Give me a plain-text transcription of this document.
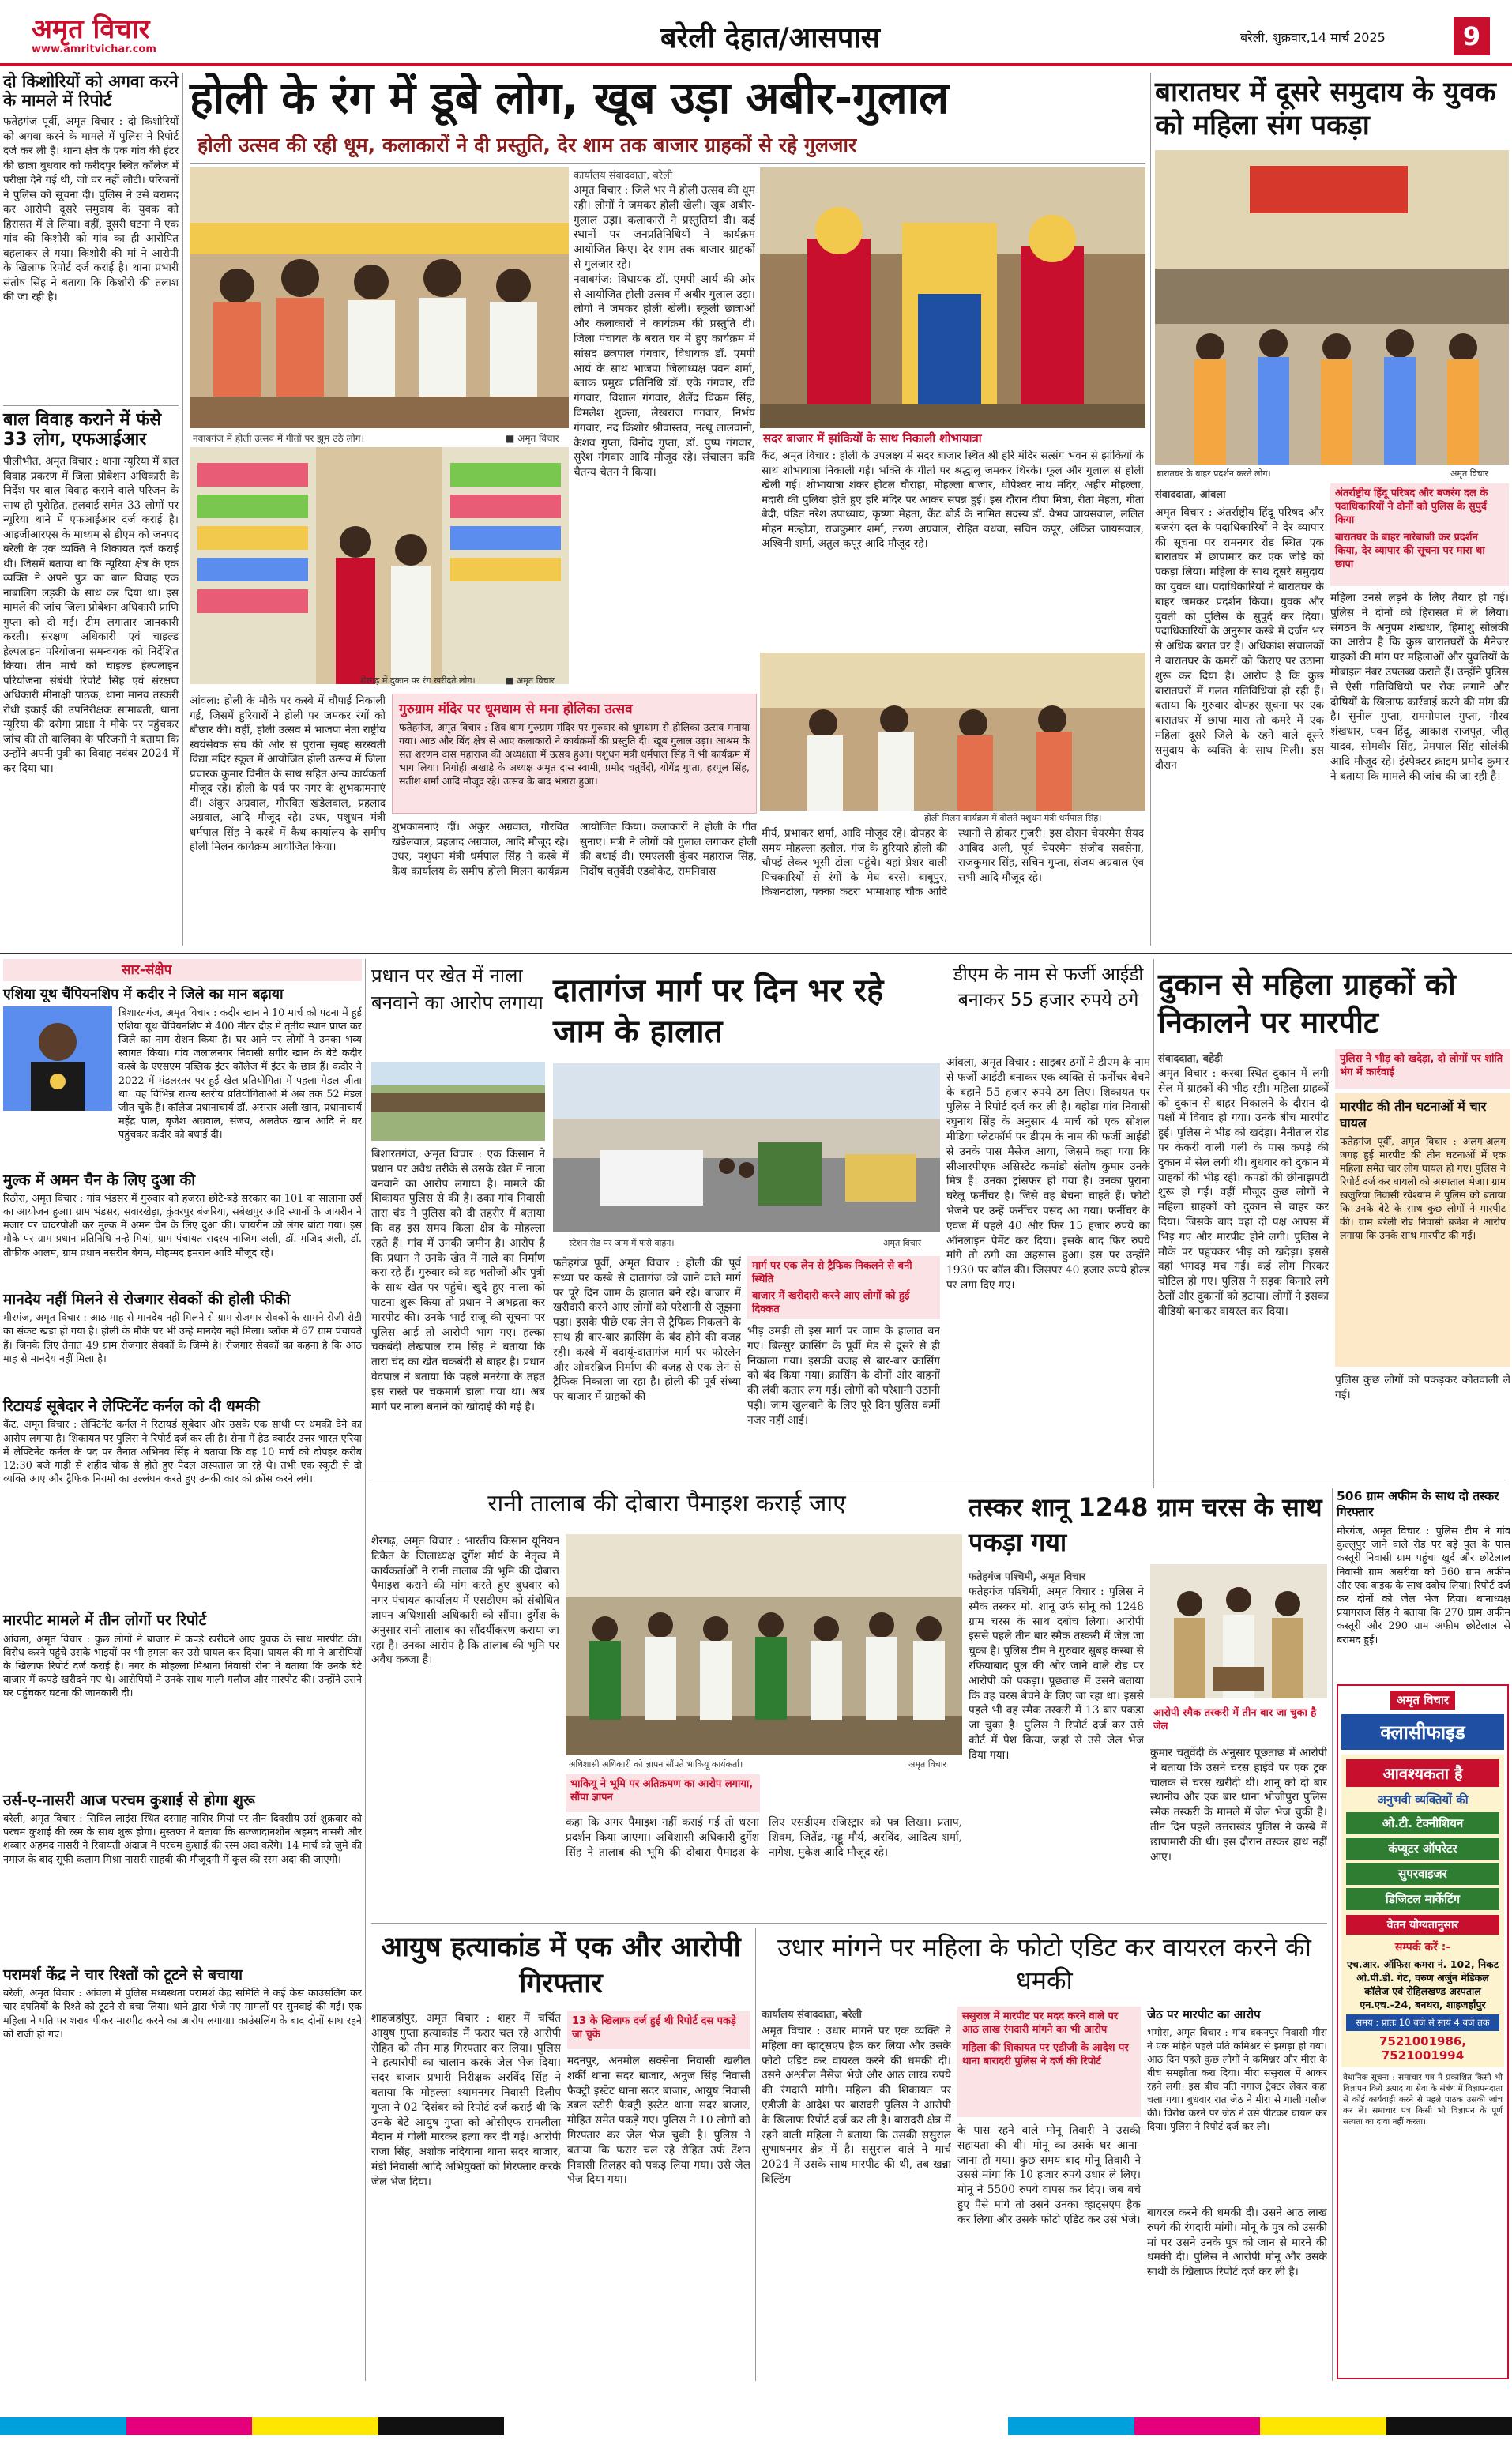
अमृत विचार
www.amritvichar.com	बरेली देहात/आसपास	बरेली, शुक्रवार,14 मार्च 2025	9
दो किशोरियों को अगवा करने के मामले में रिपोर्ट
फतेहगंज पूर्वी, अमृत विचार : दो किशोरियों को अगवा करने के मामले में पुलिस ने रिपोर्ट दर्ज कर ली है। थाना क्षेत्र के एक गांव की इंटर की छात्रा बुधवार को फरीदपुर स्थित कॉलेज में परीक्षा देने गई थी, जो घर नहीं लौटी। परिजनों ने पुलिस को सूचना दी। पुलिस ने उसे बरामद कर आरोपी दूसरे समुदाय के युवक को हिरासत में ले लिया। वहीं, दूसरी घटना में एक गांव की किशोरी को गांव का ही आरोपित बहलाकर ले गया। किशोरी की मां ने आरोपी के खिलाफ रिपोर्ट दर्ज कराई है। थाना प्रभारी संतोष सिंह ने बताया कि किशोरी की तलाश की जा रही है।
बाल विवाह कराने में फंसे 33 लोग, एफआईआर
पीलीभीत, अमृत विचार : थाना न्यूरिया में बाल विवाह प्रकरण में जिला प्रोबेशन अधिकारी के निर्देश पर बाल विवाह कराने वाले परिजन के साथ ही पुरोहित, हलवाई समेत 33 लोगों पर न्यूरिया थाने में एफआईआर दर्ज कराई है। आइजीआरएस के माध्यम से डीएम को जनपद बरेली के एक व्यक्ति ने शिकायत दर्ज कराई थी। जिसमें बताया था कि न्यूरिया क्षेत्र के एक व्यक्ति ने अपने पुत्र का बाल विवाह एक नाबालिग लड़की के साथ कर दिया था। इस मामले की जांच जिला प्रोबेशन अधिकारी प्राणि गुप्ता को दी गई। टीम लगातार जानकारी करती। संरक्षण अधिकारी एवं चाइल्ड हेल्पलाइन परियोजना समन्वयक को निर्देशित किया। तीन मार्च को चाइल्ड हेल्पलाइन परियोजना संबंधी रिपोर्ट सिंह एवं संरक्षण अधिकारी मीनाक्षी पाठक, थाना मानव तस्करी रोधी इकाई की उपनिरीक्षक सामाबती, थाना न्यूरिया की दरोगा प्राक्षा ने मौके पर पहुंचकर जांच की तो बालिका के परिजनों ने बताया कि उन्होंने अपनी पुत्री का विवाह नवंबर 2024 में कर दिया था।
होली के रंग में डूबे लोग, खूब उड़ा अबीर-गुलाल
होली उत्सव की रही धूम, कलाकारों ने दी प्रस्तुति, देर शाम तक बाजार ग्राहकों से रहे गुलजार
नवाबगंज में होली उत्सव में गीतों पर झूम उठे लोग।	■ अमृत विचार	सदर बाजार में झांकियों के साथ निकाली शोभायात्रा
कैंट, अमृत विचार : होली के उपलक्ष्य में सदर बाजार स्थित श्री हरि मंदिर सत्संग भवन से झांकियों के साथ शोभायात्रा निकाली गई। भक्ति के गीतों पर श्रद्धालु जमकर थिरके। फूल और गुलाल से होली खेली गई। शोभायात्रा शंकर होटल चौराहा, मोहल्ला बाजार, धोपेश्वर नाथ मंदिर, अहीर मोहल्ला, मदारी की पुलिया होते हुए हरि मंदिर पर आकर संपन्न हुई। इस दौरान दीपा मित्रा, रीता मेहता, गीता बेदी, पंडित नरेश उपाध्याय, कृष्णा मेहता, कैंट बोर्ड के नामित सदस्य डॉ. वैभव जायसवाल, ललित मोहन मल्होत्रा, राजकुमार शर्मा, तरुण अग्रवाल, रोहित वधवा, सचिन कपूर, अंकित जायसवाल, अश्विनी शर्मा, अतुल कपूर आदि मौजूद रहे।
कार्यालय संवाददाता, बरेली
अमृत विचार : जिले भर में होली उत्सव की धूम रही। लोगों ने जमकर होली खेली। खूब अबीर-गुलाल उड़ा। कलाकारों ने प्रस्तुतियां दी। कई स्थानों पर जनप्रतिनिधियों ने कार्यक्रम आयोजित किए। देर शाम तक बाजार ग्राहकों से गुलजार रहे।
नवाबगंज: विधायक डॉ. एमपी आर्य की ओर से आयोजित होली उत्सव में अबीर गुलाल उड़ा। लोगों ने जमकर होली खेली। स्कूली छात्राओं और कलाकारों ने कार्यक्रम की प्रस्तुति दी। जिला पंचायत के बरात घर में हुए कार्यक्रम में सांसद छत्रपाल गंगवार, विधायक डॉ. एमपी आर्य के साथ भाजपा जिलाध्यक्ष पवन शर्मा, ब्लाक प्रमुख प्रतिनिधि डॉ. एके गंगवार, रवि गंगवार, विशाल गंगवार, शैलेंद्र विक्रम सिंह, विमलेश शुक्ला, लेखराज गंगवार, निर्भय गंगवार, नंद किशोर श्रीवास्तव, नत्थू लालवानी, केशव गुप्ता, विनोद गुप्ता, डॉ. पुष्प गंगवार, सुरेश गंगवार आदि मौजूद रहे। संचालन कवि चैतन्य चेतन ने किया।
शेरगढ़ में दुकान पर रंग खरीदते लोग।	■ अमृत विचार
होली मिलन कार्यक्रम में बोलते पशुधन मंत्री धर्मपाल सिंह।
गुरुग्राम मंदिर पर धूमधाम से मना होलिका उत्सव
फतेहगंज, अमृत विचार : शिव धाम गुरुग्राम मंदिर पर गुरुवार को धूमधाम से होलिका उत्सव मनाया गया। आठ और बिंद क्षेत्र से आए कलाकारों ने कार्यक्रमों की प्रस्तुति दी। खूब गुलाल उड़ा। आश्रम के संत शरणम दास महाराज की अध्यक्षता में उत्सव हुआ। पशुधन मंत्री धर्मपाल सिंह ने भी कार्यक्रम में भाग लिया। निगोही अखाड़े के अध्यक्ष अमृत दास स्वामी, प्रमोद चतुर्वेदी, योगेंद्र गुप्ता, हरपूल सिंह, सतीश शर्मा आदि मौजूद रहे। उत्सव के बाद भंडारा हुआ।
आंवला: होली के मौके पर कस्बे में चौपाई निकाली गई, जिसमें हुरियारों ने होली पर जमकर रंगों को बौछार की। वहीं, होली उत्सव में भाजपा नेता राष्ट्रीय स्वयंसेवक संघ की ओर से पुराना सुबह सरस्वती विद्या मंदिर स्कूल में आयोजित होली उत्सव में जिला प्रचारक कुमार विनीत के साथ सहित अन्य कार्यकर्ता मौजूद रहे। होली के पर्व पर नगर के शुभकामनाएं दीं। अंकुर अग्रवाल, गौरवित खंडेलवाल, प्रहलाद अग्रवाल, आदि मौजूद रहे। उधर, पशुधन मंत्री धर्मपाल सिंह ने कस्बे में कैथ कार्यालय के समीप होली मिलन कार्यक्रम आयोजित किया।
शुभकामनाएं दीं। अंकुर अग्रवाल, गौरवित खंडेलवाल, प्रहलाद अग्रवाल, आदि मौजूद रहे। उधर, पशुधन मंत्री धर्मपाल सिंह ने कस्बे में कैथ कार्यालय के समीप होली मिलन कार्यक्रम आयोजित किया। कलाकारों ने होली के गीत सुनाए। मंत्री ने लोगों को गुलाल लगाकर होली की बधाई दी। एमएलसी कुंवर महाराज सिंह, निर्दोष चतुर्वेदी एडवोकेट, रामनिवास
मीर्य, प्रभाकर शर्मा, आदि मौजूद रहे। दोपहर के समय मोहल्ला हलौल, गंज के हुरियारे होली की चौपई लेकर भूसी टोला पहुंचे। यहां प्रेशर वाली पिचकारियों से रंगों के मेघ बरसे। बाबूपुर, किशनटोला, पक्का कटरा भामाशाह चौक आदि स्थानों से होकर गुजरी। इस दौरान चेयरमैन सैयद आबिद अली, पूर्व चेयरमैन संजीव सक्सेना, राजकुमार सिंह, सचिन गुप्ता, संजय अग्रवाल एंव सभी आदि मौजूद रहे।
बारातघर में दूसरे समुदाय के युवक को महिला संग पकड़ा
बारातघर के बाहर प्रदर्शन करते लोग।	अमृत विचार
संवाददाता, आंवला	अंतर्राष्ट्रीय हिंदू परिषद और बजरंग दल के पदाधिकारियों ने दोनों को पुलिस के सुपुर्द किया
बारातघर के बाहर नारेबाजी कर प्रदर्शन किया, देर व्यापार की सूचना पर मारा था छापा
अमृत विचार : अंतर्राष्ट्रीय हिंदू परिषद और बजरंग दल के पदाधिकारियों ने देर व्यापार की सूचना पर रामनगर रोड स्थित एक बारातघर में छापामार कर एक जोड़े को पकड़ा लिया। महिला के साथ दूसरे समुदाय का युवक था। पदाधिकारियों ने बारातघर के बाहर जमकर प्रदर्शन किया। युवक और युवती को पुलिस के सुपुर्द कर दिया। पदाधिकारियों के अनुसार कस्बे में दर्जन भर से अधिक बरात घर हैं। अधिकांश संचालकों ने बारातघर के कमरों को किराए पर उठाना शुरू कर दिया है। आरोप है कि कुछ बारातघरों में गलत गतिविधियां हो रही हैं। बताया कि गुरुवार दोपहर सूचना पर एक बारातघर में छापा मारा तो कमरे में एक महिला दूसरे जिले के रहने वाले दूसरे समुदाय के व्यक्ति के साथ मिली। इस दौरान
महिला उनसे लड़ने के लिए तैयार हो गई। पुलिस ने दोनों को हिरासत में ले लिया। संगठन के अनुपम शंखधार, हिमांशु सोलंकी का आरोप है कि कुछ बारातघरों के मैनेजर ग्राहकों की मांग पर महिलाओं और युवतियों के मोबाइल नंबर उपलब्ध कराते हैं। उन्होंने पुलिस से ऐसी गतिविधियों पर रोक लगाने और दोषियों के खिलाफ कार्रवाई करने की मांग की है। सुनील गुप्ता, रामगोपाल गुप्ता, गौरव शंखधार, पवन हिंदू, आकाश राजपूत, जीतू यादव, सोमवीर सिंह, प्रेमपाल सिंह सोलंकी आदि मौजूद रहे। इंस्पेक्टर क्राइम प्रमोद कुमार ने बताया कि मामले की जांच की जा रही है।
सार-संक्षेप
एशिया यूथ चैंपियनशिप में कदीर ने जिले का मान बढ़ाया
बिशारतगंज, अमृत विचार : कदीर खान ने 10 मार्च को पटना में हुई एशिया यूथ चैंपियनशिप में 400 मीटर दौड़ में तृतीय स्थान प्राप्त कर जिले का नाम रोशन किया है। घर आने पर लोगों ने उनका भव्य स्वागत किया। गांव जलालनगर निवासी सगीर खान के बेटे कदीर कस्बे के एएसएम पब्लिक इंटर कॉलेज में इंटर के छात्र हैं। कदीर ने 2022 में मंडलस्तर पर हुई खेल प्रतियोगिता में पहला मेडल जीता था। वह विभिन्न राज्य स्तरीय प्रतियोगिताओं में अब तक 52 मेडल जीत चुके हैं। कॉलेज प्रधानाचार्य डॉ. असरार अली खान, प्रधानाचार्य महेंद्र पाल, बृजेश अग्रवाल, संजय, अलतेफ खान आदि ने घर पहुंचकर कदीर को बधाई दी।
मुल्क में अमन चैन के लिए दुआ की
रिठौरा, अमृत विचार : गांव भंडसर में गुरुवार को हजरत छोटे-बड़े सरकार का 101 वां सालाना उर्स का आयोजन हुआ। ग्राम भंडसर, सवारखेड़ा, कुंवरपुर बंजरिया, सबेखपुर आदि स्थानों के जायरीन ने मजार पर चादरपोशी कर मुल्क में अमन चैन के लिए दुआ की। जायरीन को लंगर बांटा गया। इस मौके पर ग्राम प्रधान प्रतिनिधि नन्हे मियां, ग्राम पंचायत सदस्य नाजिम अली, डॉ. मजिद अली, डॉ. तौफीक आलम, ग्राम प्रधान नसरीन बेगम, मोहम्मद इमरान आदि मौजूद रहे।
मानदेय नहीं मिलने से रोजगार सेवकों की होली फीकी
मीरगंज, अमृत विचार : आठ माह से मानदेय नहीं मिलने से ग्राम रोजगार सेवकों के सामने रोजी-रोटी का संकट खड़ा हो गया है। होली के मौके पर भी उन्हें मानदेय नहीं मिला। ब्लॉक में 67 ग्राम पंचायतें हैं। जिनके लिए तैनात 49 ग्राम रोजगार सेवकों के जिम्मे है। रोजगार सेवकों का कहना है कि आठ माह से मानदेय नहीं मिला है।
रिटायर्ड सूबेदार ने लेफ्टिनेंट कर्नल को दी धमकी
कैंट, अमृत विचार : लेफ्टिनेंट कर्नल ने रिटायर्ड सूबेदार और उसके एक साथी पर धमकी देने का आरोप लगाया है। शिकायत पर पुलिस ने रिपोर्ट दर्ज कर ली है। सेना में हेड क्वार्टर उत्तर भारत एरिया में लेफ्टिनेंट कर्नल के पद पर तैनात अभिनव सिंह ने बताया कि वह 10 मार्च को दोपहर करीब 12:30 बजे गाड़ी से शहीद चौक से होते हुए पैदल अस्पताल जा रहे थे। तभी एक स्कूटी से दो व्यक्ति आए और ट्रैफिक नियमों का उल्लंघन करते हुए उनकी कार को क्रॉस करने लगे।
मारपीट मामले में तीन लोगों पर रिपोर्ट
आंवला, अमृत विचार : कुछ लोगों ने बाजार में कपड़े खरीदने आए युवक के साथ मारपीट की। विरोध करने पहुंचे उसके भाइयों पर भी हमला कर उसे घायल कर दिया। घायल की मां ने आरोपियों के खिलाफ रिपोर्ट दर्ज कराई है। नगर के मोहल्ला मिश्राना निवासी रीना ने बताया कि उनके बेटे बाजार में कपड़े खरीदने गए थे। आरोपियों ने उनके साथ गाली-गलौज और मारपीट की। उन्होंने उसने घर पहुंचकर घटना की जानकारी दी।
उर्स-ए-नासरी आज परचम कुशाई से होगा शुरू
बरेली, अमृत विचार : सिविल लाइंस स्थित दरगाह नासिर मियां पर तीन दिवसीय उर्स शुक्रवार को परचम कुशाई की रस्म के साथ शुरू होगा। मुस्तफा ने बताया कि सज्जादानशीन अहमद नासरी और शब्बार अहमद नासरी ने रिवायती अंदाज में परचम कुशाई की रस्म अदा करेंगे। 14 मार्च को जुमे की नमाज के बाद सूफी कलाम मिश्रा नासरी साहबी की मौजूदगी में कुल की रस्म अदा की जाएगी।
परामर्श केंद्र ने चार रिश्तों को टूटने से बचाया
बरेली, अमृत विचार : आंवला में पुलिस मध्यस्थता परामर्श केंद्र समिति ने कई केस काउंसलिंग कर चार दंपतियों के रिश्ते को टूटने से बचा लिया। थाने द्वारा भेजे गए मामलों पर सुनवाई की गई। एक महिला ने पति पर शराब पीकर मारपीट करने का आरोप लगाया। काउंसलिंग के बाद दोनों साथ रहने को राजी हो गए।
प्रधान पर खेत में नाला बनवाने का आरोप लगाया
बिशारतगंज, अमृत विचार : एक किसान ने प्रधान पर अवैध तरीके से उसके खेत में नाला बनवाने का आरोप लगाया है। मामले की शिकायत पुलिस से की है। ढका गांव निवासी तारा चंद ने पुलिस को दी तहरीर में बताया कि वह इस समय किला क्षेत्र के मोहल्ला रहते हैं। गांव में उनकी जमीन है। आरोप है कि प्रधान ने उनके खेत में नाले का निर्माण करा रहे हैं। गुरुवार को वह भतीजों और पुत्री के साथ खेत पर पहुंचे। खुदे हुए नाला को पाटना शुरू किया तो प्रधान ने अभद्रता कर मारपीट की। उनके भाई राजू की सूचना पर पुलिस आई तो आरोपी भाग गए। हल्का चकबंदी लेखपाल राम सिंह ने बताया कि तारा चंद का खेत चकबंदी से बाहर है। प्रधान वेदपाल ने बताया कि पहले मनरेगा के तहत इस रास्ते पर चकमार्ग डाला गया था। अब मार्ग पर नाला बनाने को खोदाई की गई है।
दातागंज मार्ग पर दिन भर रहे जाम के हालात
स्टेशन रोड पर जाम में फंसे वाहन।	अमृत विचार
फतेहगंज पूर्वी, अमृत विचार : होली की पूर्व संध्या पर कस्बे से दातागंज को जाने वाले मार्ग पर पूरे दिन जाम के हालात बने रहे। बाजार में खरीदारी करने आए लोगों को परेशानी से जूझना पड़ा। इसके पीछे एक लेन से ट्रैफिक निकलने के साथ ही बार-बार क्रासिंग के बंद होने की वजह रही। कस्बे में वदायूं-दातागंज मार्ग पर फोरलेन और ओवरब्रिज निर्माण की वजह से एक लेन से ट्रैफिक निकाला जा रहा है। होली की पूर्व संध्या पर बाजार में ग्राहकों की
मार्ग पर एक लेन से ट्रैफिक निकलने से बनी स्थिति
बाजार में खरीदारी करने आए लोगों को हुई दिक्कत
भीड़ उमड़ी तो इस मार्ग पर जाम के हालात बन गए। बिल्सुर क्रासिंग के पूर्वी मेड से दूसरे से ही निकाला गया। इसकी वजह से बार-बार क्रासिंग को बंद किया गया। क्रासिंग के दोनों ओर वाहनों की लंबी कतार लग गई। लोगों को परेशानी उठानी पड़ी। जाम खुलवाने के लिए पूरे दिन पुलिस कर्मी नजर नहीं आई।
डीएम के नाम से फर्जी आईडी बनाकर 55 हजार रुपये ठगे
आंवला, अमृत विचार : साइबर ठगों ने डीएम के नाम से फर्जी आईडी बनाकर एक व्यक्ति से फर्नीचर बेचने के बहाने 55 हजार रुपये ठग लिए। शिकायत पर पुलिस ने रिपोर्ट दर्ज कर ली है। बहोड़ा गांव निवासी रघुनाथ सिंह के अनुसार 4 मार्च को एक सोशल मीडिया प्लेटफॉर्म पर डीएम के नाम की फर्जी आईडी से उनके पास मैसेज आया, जिसमें कहा गया कि सीआरपीएफ असिस्टेंट कमांडो संतोष कुमार उनके मित्र हैं। उनका ट्रांसफर हो गया है। उनका पुराना घरेलू फर्नीचर है। जिसे वह बेचना चाहते हैं। फोटो भेजने पर उन्हें फर्नीचर पसंद आ गया। फर्नीचर के एवज में पहले 40 और फिर 15 हजार रुपये का ऑनलाइन पेमेंट कर दिया। इसके बाद फिर रुपये मांगे तो ठगी का अहसास हुआ। इस पर उन्होंने 1930 पर कॉल की। जिसपर 40 हजार रुपये होल्ड पर लगा दिए गए।
दुकान से महिला ग्राहकों को निकालने पर मारपीट
संवाददाता, बहेड़ी	पुलिस ने भीड़ को खदेड़ा, दो लोगों पर शांति भंग में कार्रवाई
अमृत विचार : कस्बा स्थित दुकान में लगी सेल में ग्राहकों की भीड़ रही। महिला ग्राहकों को दुकान से बाहर निकालने के दौरान दो पक्षों में विवाद हो गया। उनके बीच मारपीट हुई। पुलिस ने भीड़ को खदेड़ा। नैनीताल रोड पर केकरी वाली गली के पास कपड़े की दुकान में सेल लगी थी। बुधवार को दुकान में ग्राहकों की भीड़ रही। कपड़ों की छीनाझपटी शुरू हो गई। वहीं मौजूद कुछ लोगों ने महिला ग्राहकों को दुकान से बाहर कर दिया। जिसके बाद वहां दो पक्ष आपस में भिड़ गए और मारपीट होने लगी। पुलिस ने मौके पर पहुंचकर भीड़ को खदेड़ा। इससे वहां भगदड़ मच गई। कई लोग गिरकर चोटिल हो गए। पुलिस ने सड़क किनारे लगे ठेलों और दुकानों को हटाया। लोगों ने इसका वीडियो बनाकर वायरल कर दिया।
मारपीट की तीन घटनाओं में चार घायल
फतेहगंज पूर्वी, अमृत विचार : अलग-अलग जगह हुई मारपीट की तीन घटनाओं में एक महिला समेत चार लोग घायल हो गए। पुलिस ने रिपोर्ट दर्ज कर घायलों को अस्पताल भेजा। ग्राम खजुरिया निवासी रवेश्याम ने पुलिस को बताया कि उनके बेटे के साथ कुछ लोगों ने मारपीट की। ग्राम बरेली रोड निवासी ब्रजेश ने आरोप लगाया कि उनके साथ मारपीट की गई।
पुलिस कुछ लोगों को पकड़कर कोतवाली ले गई।
रानी तालाब की दोबारा पैमाइश कराई जाए
शेरगढ़, अमृत विचार : भारतीय किसान यूनियन टिकैत के जिलाध्यक्ष दुर्गेश मौर्य के नेतृत्व में कार्यकर्ताओं ने रानी तालाब की भूमि की दोबारा पैमाइश कराने की मांग करते हुए बुधवार को नगर पंचायत कार्यालय में एसडीएम को संबोधित ज्ञापन अधिशासी अधिकारी को सौंपा। दुर्गेश के अनुसार रानी तालाब का सौंदर्यीकरण कराया जा रहा है। उनका आरोप है कि तालाब की भूमि पर अवैध कब्जा है।
अधिशासी अधिकारी को ज्ञापन सौंपते भाकियू कार्यकर्ता।	अमृत विचार
भाकियू ने भूमि पर अतिक्रमण का आरोप लगाया, सौंपा ज्ञापन
कहा कि अगर पैमाइश नहीं कराई गई तो धरना प्रदर्शन किया जाएगा। अधिशासी अधिकारी दुर्गेश सिंह ने तालाब की भूमि की दोबारा पैमाइश के लिए एसडीएम रजिस्ट्रार को पत्र लिखा। प्रताप, शिवम, जितेंद्र, गड्डू मौर्य, अरविंद, आदित्य शर्मा, नागेश, मुकेश आदि मौजूद रहे।
तस्कर शानू 1248 ग्राम चरस के साथ पकड़ा गया
फतेहगंज पश्चिमी, अमृत विचार
फतेहगंज पश्चिमी, अमृत विचार : पुलिस ने स्मैक तस्कर मो. शानू उर्फ सोनू को 1248 ग्राम चरस के साथ दबोच लिया। आरोपी इससे पहले तीन बार स्मैक तस्करी में जेल जा चुका है। पुलिस टीम ने गुरुवार सुबह कस्बा से रफियाबाद पुल की ओर जाने वाले रोड पर आरोपी को पकड़ा। पूछताछ में उसने बताया कि वह चरस बेचने के लिए जा रहा था। इससे पहले भी वह स्मैक तस्करी में 13 बार पकड़ा जा चुका है। पुलिस ने रिपोर्ट दर्ज कर उसे कोर्ट में पेश किया, जहां से उसे जेल भेज दिया गया।
आरोपी स्मैक तस्करी में तीन बार जा चुका है जेल
कुमार चतुर्वेदी के अनुसार पूछताछ में आरोपी ने बताया कि उसने चरस हाईवे पर एक ट्रक चालक से चरस खरीदी थी। शानू को दो बार स्थानीय और एक बार थाना भोजीपुरा पुलिस स्मैक तस्करी के मामले में जेल भेज चुकी है। तीन दिन पहले उत्तराखंड पुलिस ने कस्बे में छापामारी की थी। इस दौरान तस्कर हाथ नहीं आए।
506 ग्राम अफीम के साथ दो तस्कर गिरफ्तार
मीरगंज, अमृत विचार : पुलिस टीम ने गांव कुल्लूपुर जाने वाले रोड पर बड़े पुल के पास कस्तूरी निवासी ग्राम पहुंचा खुर्द और छोटेलाल निवासी ग्राम असरीवा को 560 ग्राम अफीम और एक बाइक के साथ दबोच लिया। रिपोर्ट दर्ज कर दोनों को जेल भेज दिया। थानाध्यक्ष प्रयागराज सिंह ने बताया कि 270 ग्राम अफीम कस्तूरी और 290 ग्राम अफीम छोटेलाल से बरामद हुई।
अमृत विचार
क्लासीफाइड
आवश्यकता है
अनुभवी व्यक्तियों की
ओ.टी. टेक्नीशियन
कंप्यूटर ऑपरेटर
सुपरवाइजर
डिजिटल मार्केटिंग
वेतन योग्यतानुसार
सम्पर्क करें :-
एच.आर. ऑफिस कमरा नं. 102, निकट ओ.पी.डी. गेट, वरुण अर्जुन मेडिकल कॉलेज एवं रोहिलखण्ड अस्पताल एन.एच.-24, बनथरा, शाहजहाँपुर
समय : प्रातः 10 बजे से सायं 4 बजे तक
7521001986, 7521001994
वैधानिक सूचना : समाचार पत्र में प्रकाशित किसी भी विज्ञापन किये उत्पाद या सेवा के संबंध में विज्ञापनदाता से कोई कार्यवाही करने से पहले पाठक उसकी जांच कर लें। समाचार पत्र किसी भी विज्ञापन के पूर्ण सत्यता का दावा नहीं करता।
आयुष हत्याकांड में एक और आरोपी गिरफ्तार
13 के खिलाफ दर्ज हुई थी रिपोर्ट दस पकड़े जा चुके
शाहजहांपुर, अमृत विचार : शहर में चर्चित आयुष गुप्ता हत्याकांड में फरार चल रहे आरोपी रोहित को तीन माह गिरफ्तार कर लिया। पुलिस ने हत्यारोपी का चालान करके जेल भेज दिया। सदर बाजार प्रभारी निरीक्षक अरविंद सिंह ने बताया कि मोहल्ला श्यामनगर निवासी दिलीप गुप्ता ने 02 दिसंबर को रिपोर्ट दर्ज कराई थी कि उनके बेटे आयुष गुप्ता को ओसीएफ रामलीला मैदान में गोली मारकर हत्या कर दी गई। आरोपी राजा सिंह, अशोक नदियाना थाना सदर बाजार, मंडी निवासी आदि अभियुक्तों को गिरफ्तार करके जेल भेज दिया।
मदनपुर, अनमोल सक्सेना निवासी खलील शर्की थाना सदर बाजार, अनुज सिंह निवासी फैक्ट्री इस्टेट थाना सदर बाजार, आयुष निवासी डबल स्टोरी फैक्ट्री इस्टेट थाना सदर बाजार, मोहित समेत पकड़े गए। पुलिस ने 10 लोगों को गिरफ्तार कर जेल भेज चुकी है। पुलिस ने बताया कि फरार चल रहे रोहित उर्फ टेंशन निवासी तिलहर को पकड़ लिया गया। उसे जेल भेज दिया गया।
उधार मांगने पर महिला के फोटो एडिट कर वायरल करने की धमकी
कार्यालय संवाददाता, बरेली	ससुराल में मारपीट पर मदद करने वाले पर आठ लाख रंगदारी मांगने का भी आरोप
महिला की शिकायत पर एडीजी के आदेश पर थाना बारादरी पुलिस ने दर्ज की रिपोर्ट
अमृत विचार : उधार मांगने पर एक व्यक्ति ने महिला का व्हाट्सएप हैक कर लिया और उसके फोटो एडिट कर वायरल करने की धमकी दी। उसने अश्लील मैसेज भेजे और आठ लाख रुपये की रंगदारी मांगी। महिला की शिकायत पर एडीजी के आदेश पर बारादरी पुलिस ने आरोपी के खिलाफ रिपोर्ट दर्ज कर ली है। बारादरी क्षेत्र में रहने वाली महिला ने बताया कि उसकी ससुराल सुभाषनगर क्षेत्र में है। ससुराल वाले ने मार्च 2024 में उसके साथ मारपीट की थी, तब खन्ना बिल्डिंग
के पास रहने वाले मोनू तिवारी ने उसकी सहायता की थी। मोनू का उसके घर आना-जाना हो गया। कुछ समय बाद मोनू तिवारी ने उससे मांगा कि 10 हजार रुपये उधार ले लिए। मोनू ने 5500 रुपये वापस कर दिए। जब बचे हुए पैसे मांगे तो उसने उनका व्हाट्सएप हैक कर लिया और उसके फोटो एडिट कर उसे भेजे।
जेठ पर मारपीट का आरोप
भमोरा, अमृत विचार : गांव बकनपुर निवासी मीरा ने एक महिने पहले पति कमिश्नर से झगड़ा हो गया। आठ दिन पहले कुछ लोगों ने कमिश्नर और मीरा के बीच समझौता करा दिया। मीरा ससुराल में आकर रहने लगी। इस बीच पति नगाज ट्रैक्टर लेकर कहां चला गया। बुधवार रात जेठ ने मीरा से गाली गलौज की। विरोध करने पर जेठ ने उसे पीटकर घायल कर दिया। पुलिस ने रिपोर्ट दर्ज कर ली।
बायरल करने की धमकी दी। उसने आठ लाख रुपये की रंगदारी मांगी। मोनू के पुत्र को उसकी मां पर उसने उनके पुत्र को जान से मारने की धमकी दी। पुलिस ने आरोपी मोनू और उसके साथी के खिलाफ रिपोर्ट दर्ज कर ली है।
